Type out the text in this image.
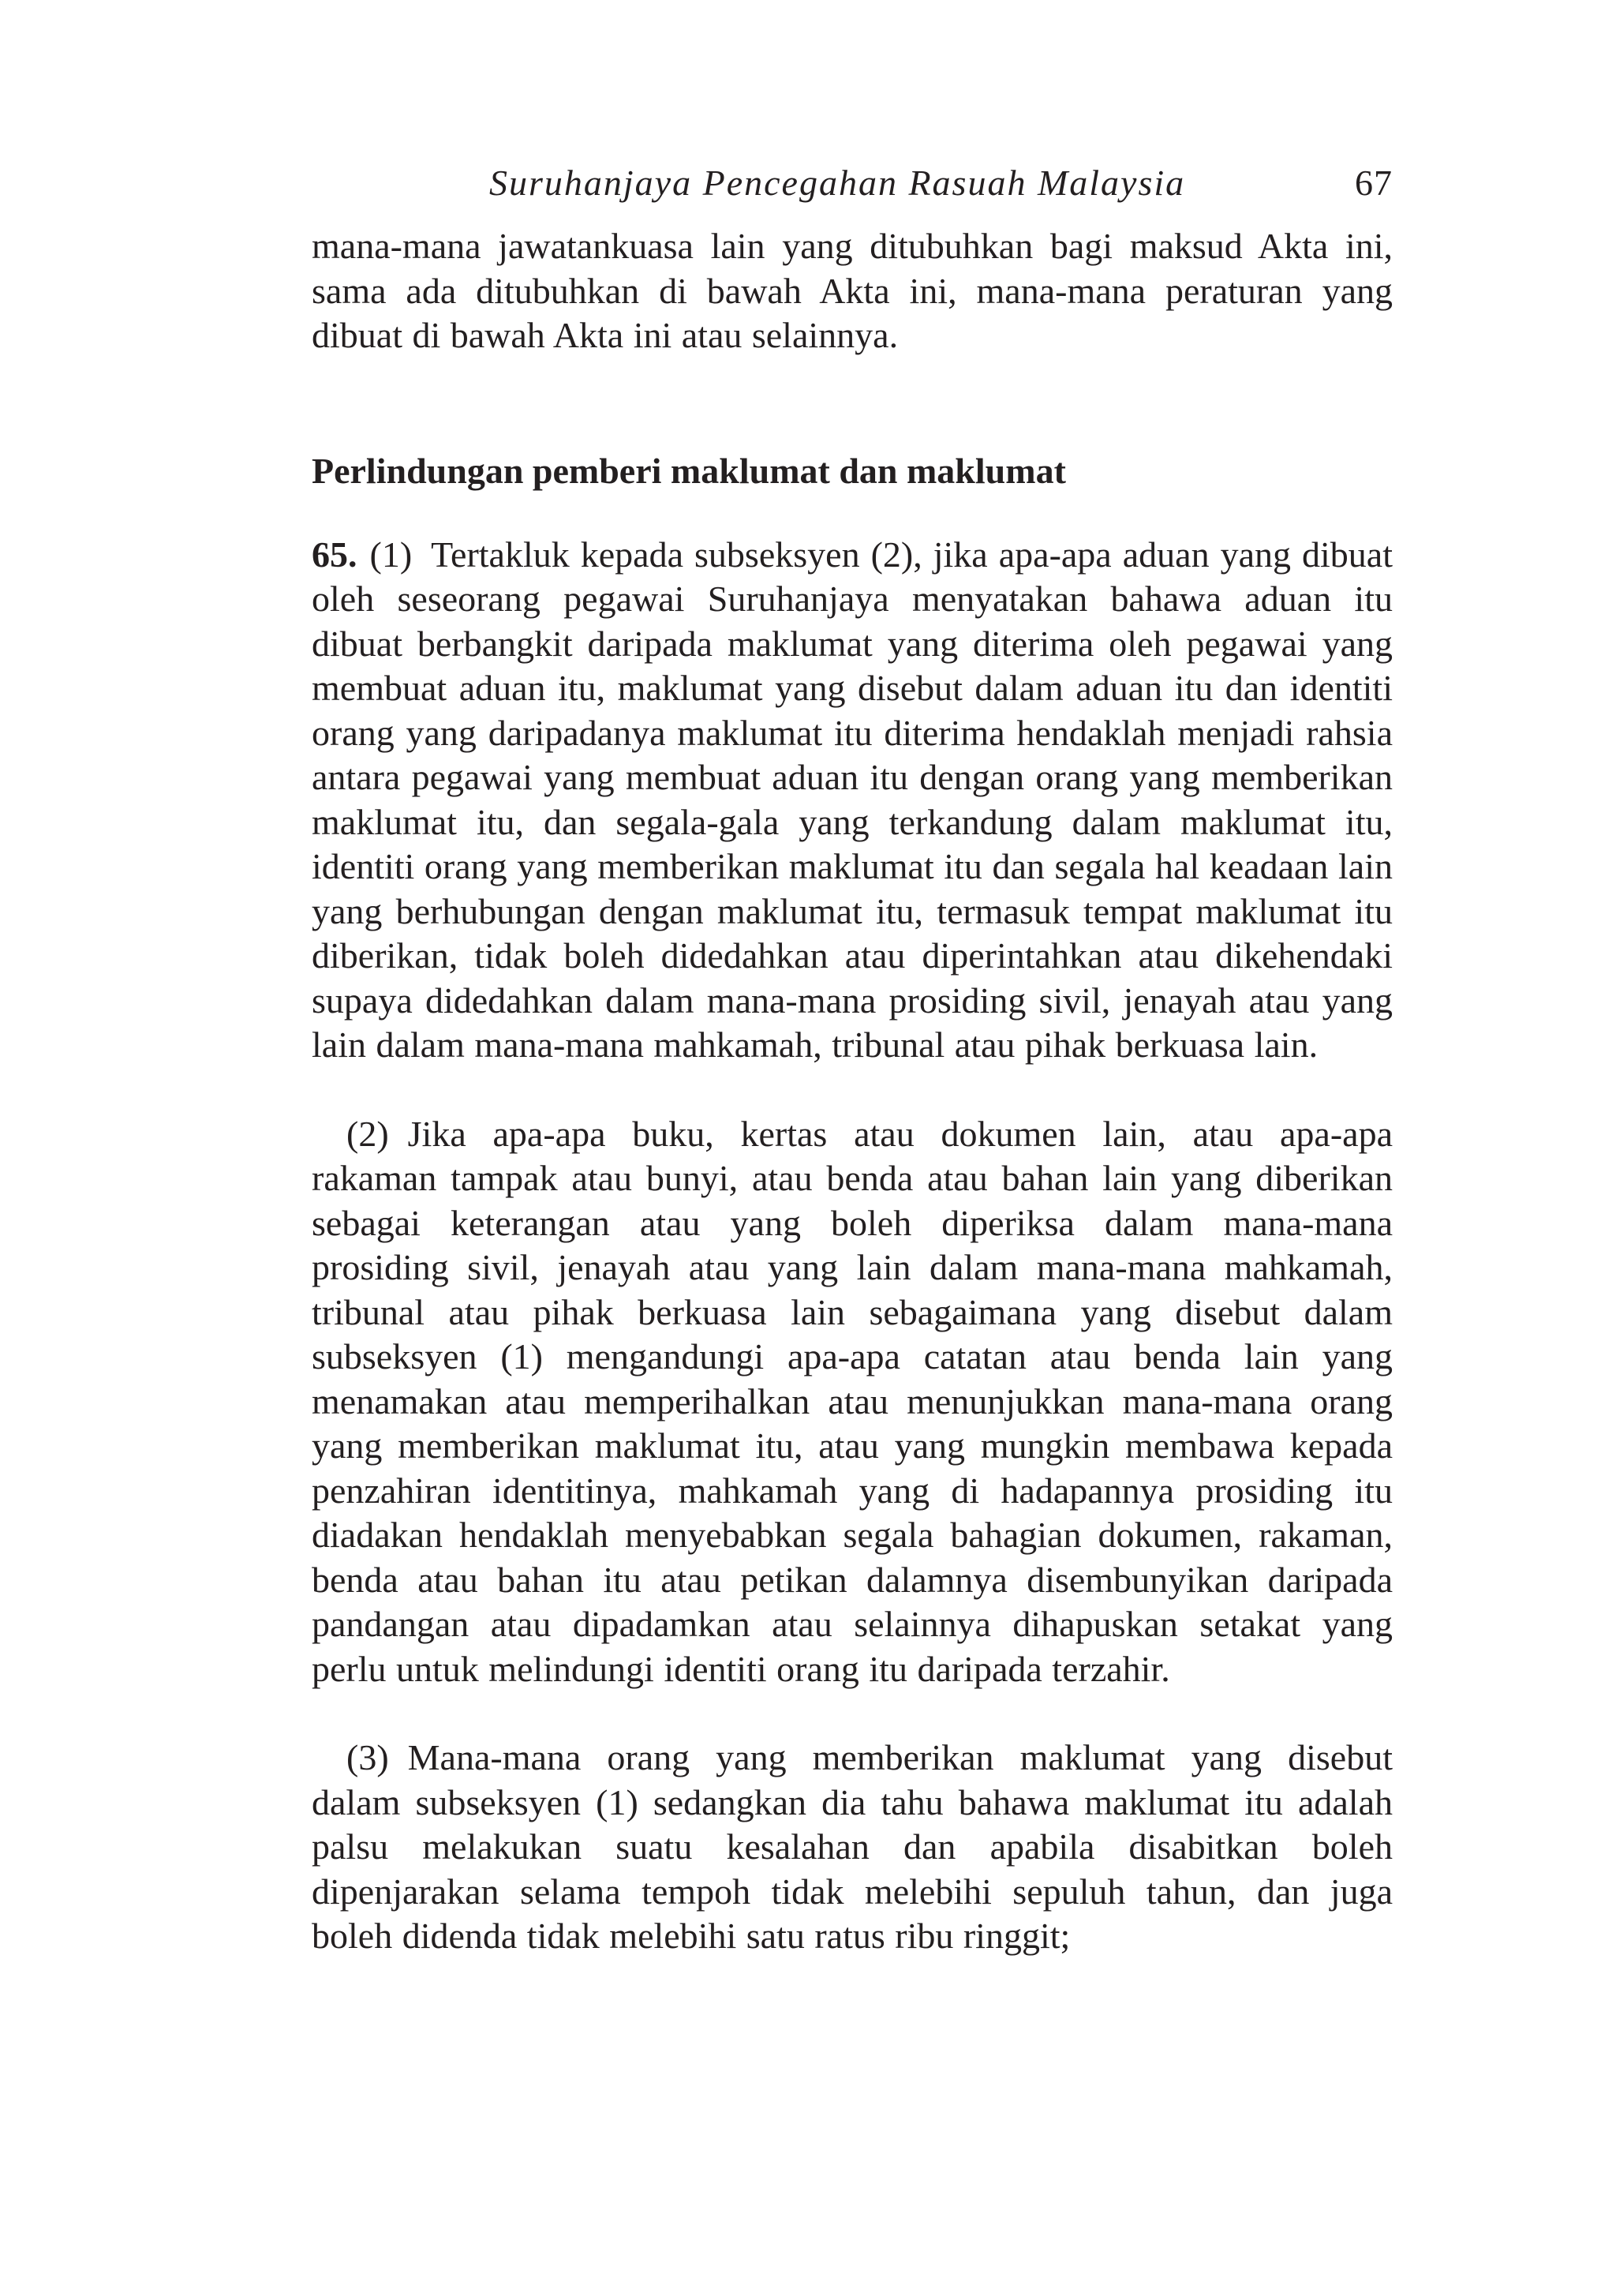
Suruhanjaya Pencegahan Rasuah Malaysia	67

mana-mana jawatankuasa lain yang ditubuhkan bagi maksud Akta ini, sama ada ditubuhkan di bawah Akta ini, mana-mana peraturan yang dibuat di bawah Akta ini atau selainnya.

Perlindungan pemberi maklumat dan maklumat

65. (1) Tertakluk kepada subseksyen (2), jika apa-apa aduan yang dibuat oleh seseorang pegawai Suruhanjaya menyatakan bahawa aduan itu dibuat berbangkit daripada maklumat yang diterima oleh pegawai yang membuat aduan itu, maklumat yang disebut dalam aduan itu dan identiti orang yang daripadanya maklumat itu diterima hendaklah menjadi rahsia antara pegawai yang membuat aduan itu dengan orang yang memberikan maklumat itu, dan segala-gala yang terkandung dalam maklumat itu, identiti orang yang memberikan maklumat itu dan segala hal keadaan lain yang berhubungan dengan maklumat itu, termasuk tempat maklumat itu diberikan, tidak boleh didedahkan atau diperintahkan atau dikehendaki supaya didedahkan dalam mana-mana prosiding sivil, jenayah atau yang lain dalam mana-mana mahkamah, tribunal atau pihak berkuasa lain.

(2) Jika apa-apa buku, kertas atau dokumen lain, atau apa-apa rakaman tampak atau bunyi, atau benda atau bahan lain yang diberikan sebagai keterangan atau yang boleh diperiksa dalam mana-mana prosiding sivil, jenayah atau yang lain dalam mana-mana mahkamah, tribunal atau pihak berkuasa lain sebagaimana yang disebut dalam subseksyen (1) mengandungi apa-apa catatan atau benda lain yang menamakan atau memperihalkan atau menunjukkan mana-mana orang yang memberikan maklumat itu, atau yang mungkin membawa kepada penzahiran identitinya, mahkamah yang di hadapannya prosiding itu diadakan hendaklah menyebabkan segala bahagian dokumen, rakaman, benda atau bahan itu atau petikan dalamnya disembunyikan daripada pandangan atau dipadamkan atau selainnya dihapuskan setakat yang perlu untuk melindungi identiti orang itu daripada terzahir.

(3) Mana-mana orang yang memberikan maklumat yang disebut dalam subseksyen (1) sedangkan dia tahu bahawa maklumat itu adalah palsu melakukan suatu kesalahan dan apabila disabitkan boleh dipenjarakan selama tempoh tidak melebihi sepuluh tahun, dan juga boleh didenda tidak melebihi satu ratus ribu ringgit;
